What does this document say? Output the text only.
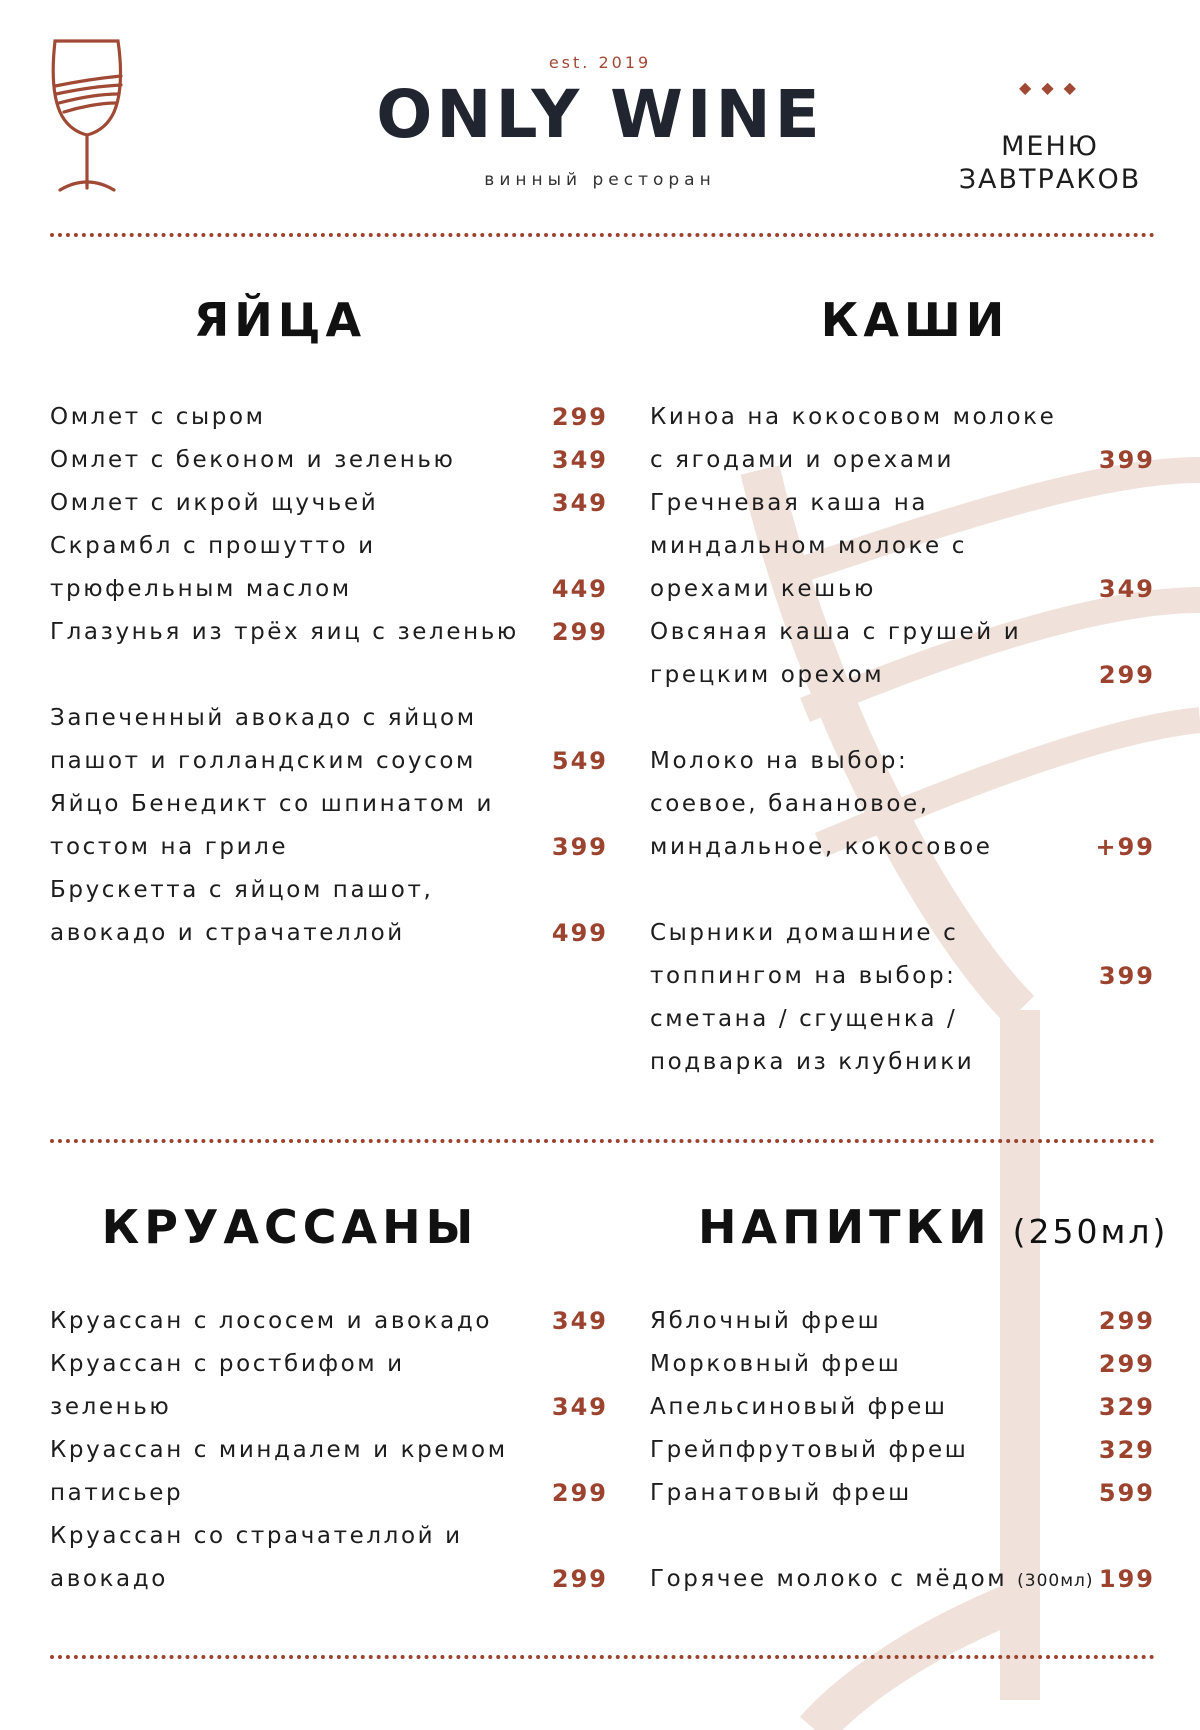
est. 2019
ONLY WINE
винный ресторан
◆◆◆
МЕНЮ
ЗАВТРАКОВ
ЯЙЦА	КАШИ
КРУАССАНЫ	НАПИТКИ (250мл)
Омлет с сыром	299
Омлет с беконом и зеленью	349
Омлет с икрой щучьей	349
Скрамбл с прошутто и
трюфельным маслом	449
Глазунья из трёх яиц с зеленью	299
Запеченный авокадо с яйцом
пашот и голландским соусом	549
Яйцо Бенедикт со шпинатом и
тостом на гриле	399
Брускетта с яйцом пашот,
авокадо и страчателлой	499
Киноа на кокосовом молоке
с ягодами и орехами	399
Гречневая каша на
миндальном молоке с
орехами кешью	349
Овсяная каша с грушей и
грецким орехом	299
Молоко на выбор:
соевое, банановое,
миндальное, кокосовое	+99
Сырники домашние с
топпингом на выбор:	399
сметана / сгущенка /
подварка из клубники
Круассан с лососем и авокадо	349
Круассан с ростбифом и
зеленью	349
Круассан с миндалем и кремом
патисьер	299
Круассан со страчателлой и
авокадо	299
Яблочный фреш	299
Морковный фреш	299
Апельсиновый фреш	329
Грейпфрутовый фреш	329
Гранатовый фреш	599
Горячее молоко с мёдом (300мл) 199
